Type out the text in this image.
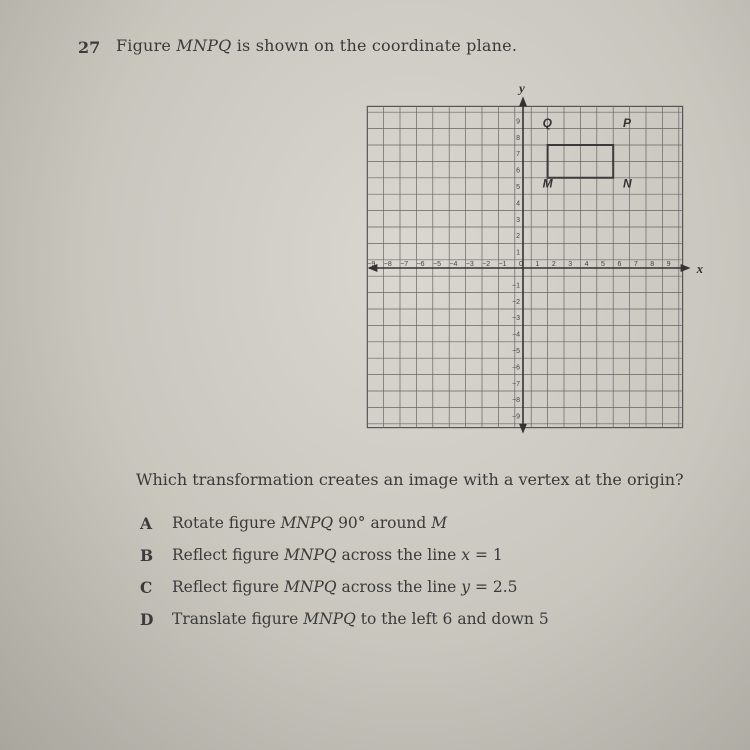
27 Figure MNPQ is shown on the coordinate plane.
x
y
−9 −8 −7 −6 −5 −4 −3 −2 −1 0 1 2 3 4 5 6 7 8 9
−9
−8
−7
−6
−5
−4
−3
−2
−1
1
2
3
4
5
6
7
8
9 Q	P
M	N
Which transformation creates an image with a vertex at the origin?
A	Rotate figure MNPQ 90° around M
B	Reflect figure MNPQ across the line x = 1
C	Reflect figure MNPQ across the line y = 2.5
D	Translate figure MNPQ to the left 6 and down 5
